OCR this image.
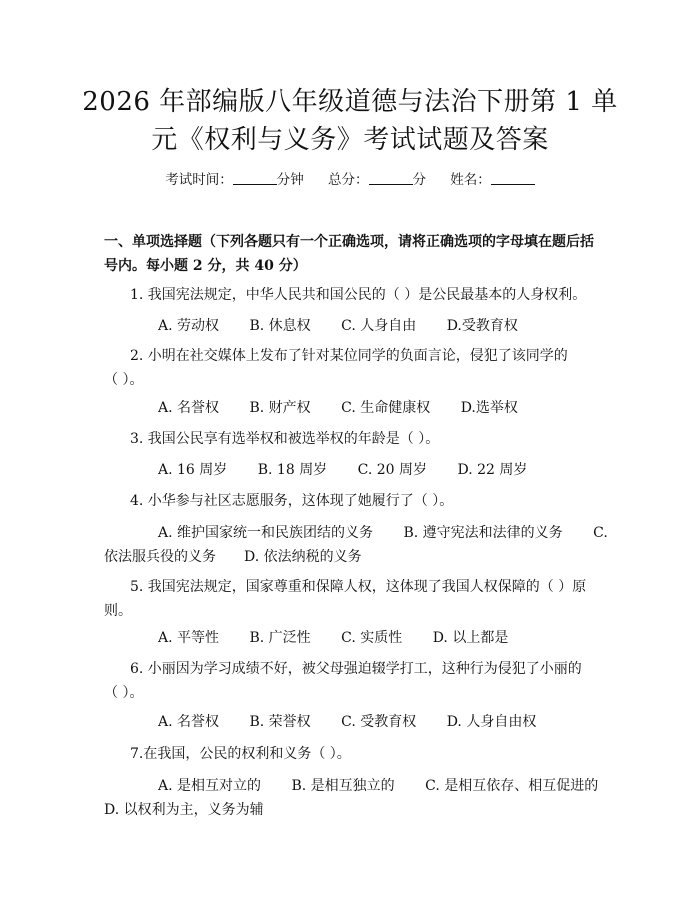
2026 年部编版八年级道德与法治下册第 1 单
元《权利与义务》考试试题及答案
考试时间：	分钟 总分：	分 姓名：
一、单项选择题（下列各题只有一个正确选项，请将正确选项的字母填在题后括
号内。每小题 2 分，共 40 分）
1. 我国宪法规定，中华人民共和国公民的（ ）是公民最基本的人身权利。
A. 劳动权 B. 休息权 C. 人身自由 D.受教育权
2. 小明在社交媒体上发布了针对某位同学的负面言论，侵犯了该同学的
（ ）。
A. 名誉权 B. 财产权 C. 生命健康权 D.选举权
3. 我国公民享有选举权和被选举权的年龄是（ ）。
A. 16 周岁 B. 18 周岁 C. 20 周岁 D. 22 周岁
4. 小华参与社区志愿服务，这体现了她履行了（ ）。
A. 维护国家统一和民族团结的义务 B. 遵守宪法和法律的义务 C.
依法服兵役的义务　　D. 依法纳税的义务
5. 我国宪法规定，国家尊重和保障人权，这体现了我国人权保障的（ ）原
则。
A. 平等性 B. 广泛性 C. 实质性 D. 以上都是
6. 小丽因为学习成绩不好，被父母强迫辍学打工，这种行为侵犯了小丽的
（ ）。
A. 名誉权 B. 荣誉权 C. 受教育权 D. 人身自由权
7.在我国，公民的权利和义务（ ）。
A. 是相互对立的 B. 是相互独立的 C. 是相互依存、相互促进的
D. 以权利为主，义务为辅
